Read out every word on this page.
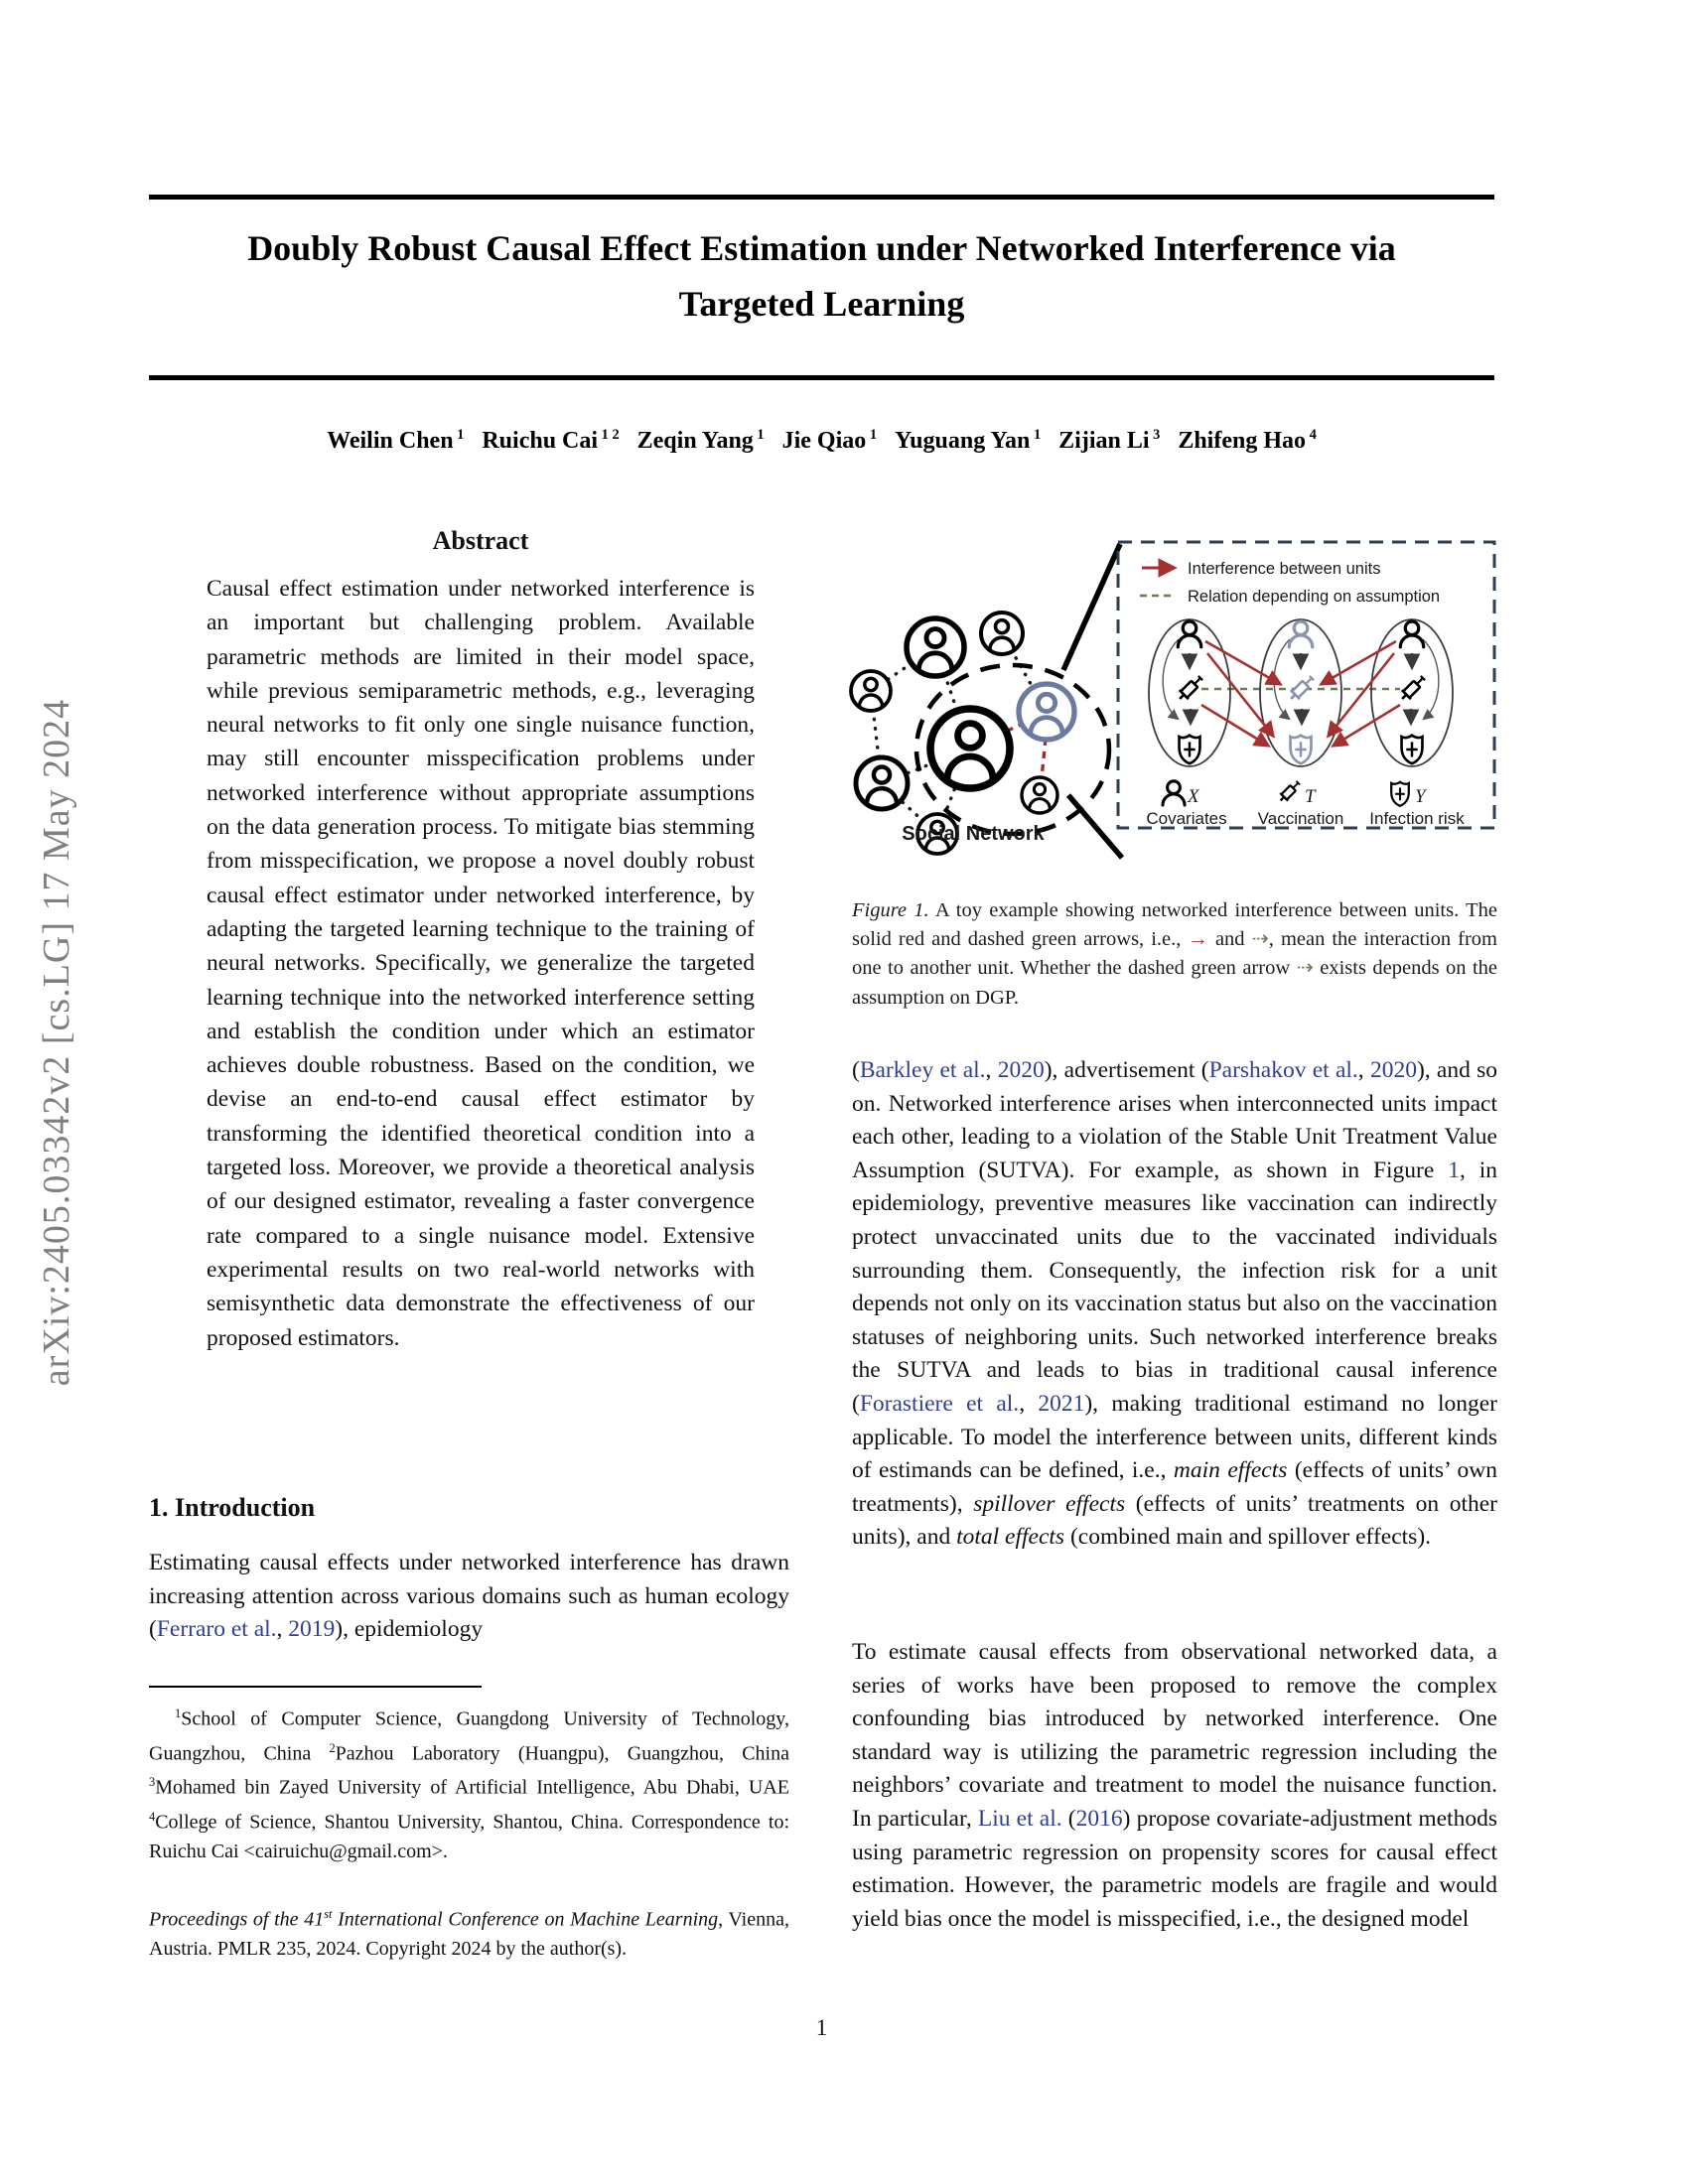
arXiv:2405.03342v2 [cs.LG] 17 May 2024
Doubly Robust Causal Effect Estimation under Networked Interference via
Targeted Learning
Weilin Chen $^1$ Ruichu Cai $^{1 2}$ Zeqin Yang $^1$ Jie Qiao $^1$ Yuguang Yan $^1$ Zijian Li $^3$ Zhifeng Hao $^4$
Abstract
Causal effect estimation under networked interference is an important but challenging problem. Available parametric methods are limited in their model space, while previous semiparametric methods, e.g., leveraging neural networks to fit only one single nuisance function, may still encounter misspecification problems under networked interference without appropriate assumptions on the data generation process. To mitigate bias stemming from misspecification, we propose a novel doubly robust causal effect estimator under networked interference, by adapting the targeted learning technique to the training of neural networks. Specifically, we generalize the targeted learning technique into the networked interference setting and establish the condition under which an estimator achieves double robustness. Based on the condition, we devise an end-to-end causal effect estimator by transforming the identified theoretical condition into a targeted loss. Moreover, we provide a theoretical analysis of our designed estimator, revealing a faster convergence rate compared to a single nuisance model. Extensive experimental results on two real-world networks with semisynthetic data demonstrate the effectiveness of our proposed estimators.
1. Introduction
Estimating causal effects under networked interference has drawn increasing attention across various domains such as human ecology (Ferraro et al., 2019), epidemiology
$^1$School of Computer Science, Guangdong University of Technology, Guangzhou, China $^2$Pazhou Laboratory (Huangpu), Guangzhou, China $^3$Mohamed bin Zayed University of Artificial Intelligence, Abu Dhabi, UAE $^4$College of Science, Shantou University, Shantou, China. Correspondence to: Ruichu Cai <cairuichu@gmail.com>.
Proceedings of the 41st International Conference on Machine Learning, Vienna, Austria. PMLR 235, 2024. Copyright 2024 by the author(s).
Social Network
Interference between units
Relation depending on assumption
X	T	Y
Covariates Vaccination Infection risk
Figure 1. A toy example showing networked interference between units. The solid red and dashed green arrows, i.e., → and ⇢, mean the interaction from one to another unit. Whether the dashed green arrow ⇢ exists depends on the assumption on DGP.
(Barkley et al., 2020), advertisement (Parshakov et al., 2020), and so on. Networked interference arises when interconnected units impact each other, leading to a violation of the Stable Unit Treatment Value Assumption (SUTVA). For example, as shown in Figure 1, in epidemiology, preventive measures like vaccination can indirectly protect unvaccinated units due to the vaccinated individuals surrounding them. Consequently, the infection risk for a unit depends not only on its vaccination status but also on the vaccination statuses of neighboring units. Such networked interference breaks the SUTVA and leads to bias in traditional causal inference (Forastiere et al., 2021), making traditional estimand no longer applicable. To model the interference between units, different kinds of estimands can be defined, i.e., main effects (effects of units’ own treatments), spillover effects (effects of units’ treatments on other units), and total effects (combined main and spillover effects).
To estimate causal effects from observational networked data, a series of works have been proposed to remove the complex confounding bias introduced by networked interference. One standard way is utilizing the parametric regression including the neighbors’ covariate and treatment to model the nuisance function. In particular, Liu et al. (2016) propose covariate-adjustment methods using parametric regression on propensity scores for causal effect estimation. However, the parametric models are fragile and would yield bias once the model is misspecified, i.e., the designed model
1
